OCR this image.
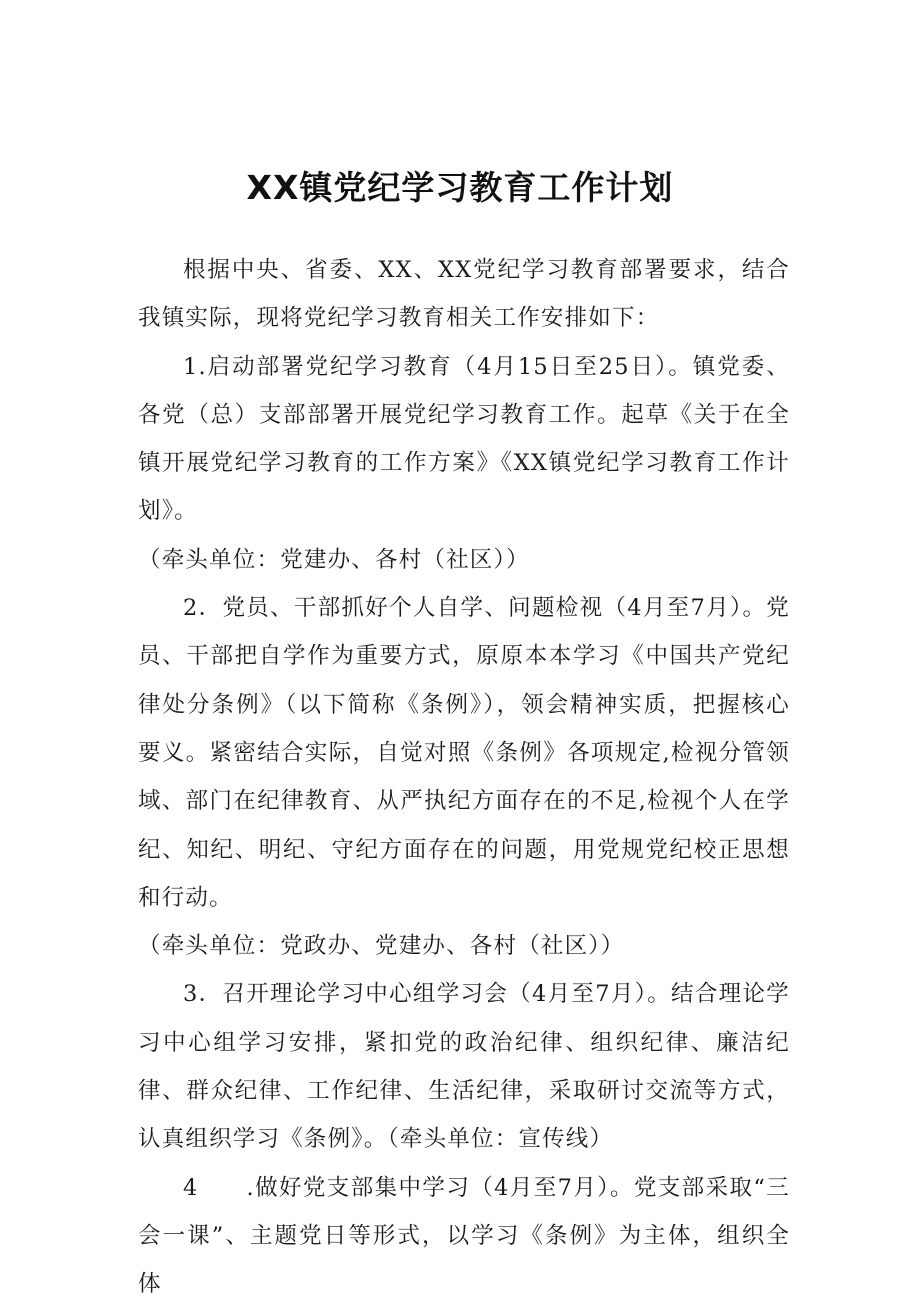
XX镇党纪学习教育工作计划

根据中央、省委、XX、XX党纪学习教育部署要求，结合我镇实际，现将党纪学习教育相关工作安排如下：

1.启动部署党纪学习教育（4月15日至25日）。镇党委、各党（总）支部部署开展党纪学习教育工作。起草《关于在全镇开展党纪学习教育的工作方案》《XX镇党纪学习教育工作计划》。
（牵头单位：党建办、各村（社区））

2．党员、干部抓好个人自学、问题检视（4月至7月）。党员、干部把自学作为重要方式，原原本本学习《中国共产党纪律处分条例》（以下简称《条例》），领会精神实质，把握核心要义。紧密结合实际，自觉对照《条例》各项规定,检视分管领域、部门在纪律教育、从严执纪方面存在的不足,检视个人在学纪、知纪、明纪、守纪方面存在的问题，用党规党纪校正思想和行动。
（牵头单位：党政办、党建办、各村（社区））

3．召开理论学习中心组学习会（4月至7月）。结合理论学习中心组学习安排，紧扣党的政治纪律、组织纪律、廉洁纪律、群众纪律、工作纪律、生活纪律，采取研讨交流等方式，认真组织学习《条例》。（牵头单位：宣传线）

4　　.做好党支部集中学习（4月至7月）。党支部采取“三会一课”、主题党日等形式，以学习《条例》为主体，组织全体
